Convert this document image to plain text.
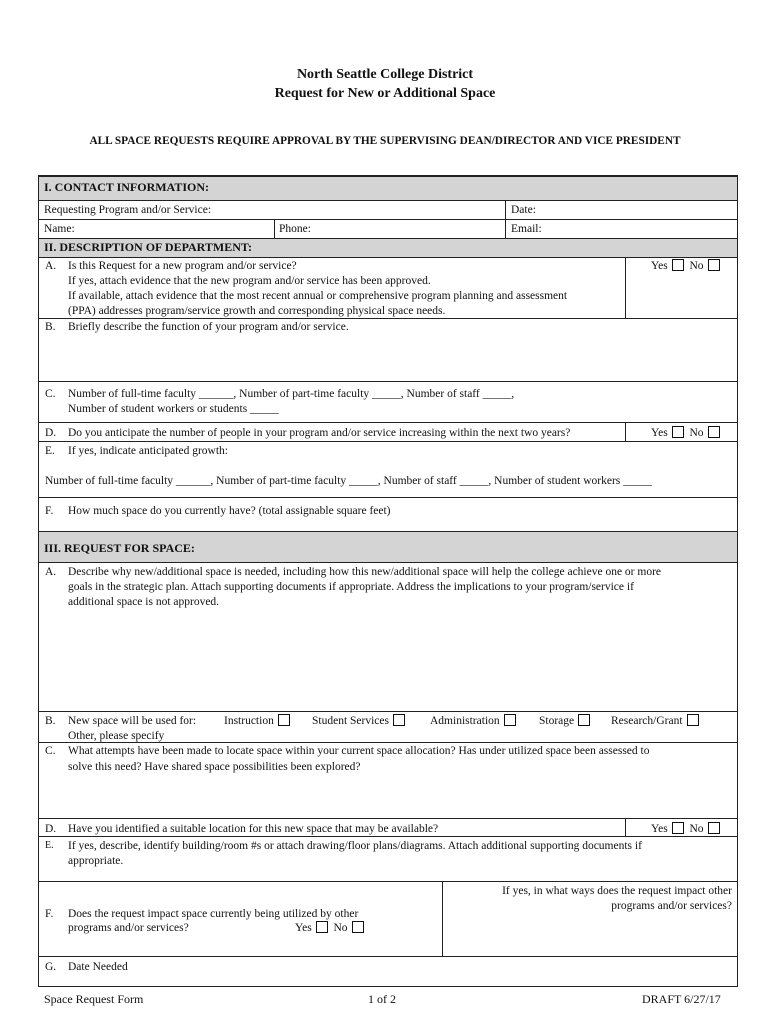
North Seattle College District
Request for New or Additional Space
ALL SPACE REQUESTS REQUIRE APPROVAL BY THE SUPERVISING DEAN/DIRECTOR AND VICE PRESIDENT
I. CONTACT INFORMATION:
Requesting Program and/or Service:	Date:
Name:	Phone:	Email:
II. DESCRIPTION OF DEPARTMENT:
A. Is this Request for a new program and/or service?
If yes, attach evidence that the new program and/or service has been approved.
If available, attach evidence that the most recent annual or comprehensive program planning and assessment
(PPA) addresses program/service growth and corresponding physical space needs.
Yes No
B. Briefly describe the function of your program and/or service.
C. Number of full-time faculty ______, Number of part-time faculty _____, Number of staff _____,
Number of student workers or students _____
D. Do you anticipate the number of people in your program and/or service increasing within the next two years?	Yes No
E. If yes, indicate anticipated growth:
Number of full-time faculty ______, Number of part-time faculty _____, Number of staff _____, Number of student workers _____
F. How much space do you currently have? (total assignable square feet)
III. REQUEST FOR SPACE:
A. Describe why new/additional space is needed, including how this new/additional space will help the college achieve one or more
goals in the strategic plan. Attach supporting documents if appropriate. Address the implications to your program/service if
additional space is not approved.
B. New space will be used for: Instruction	Student Services	Administration	Storage	Research/Grant
Other, please specify
C. What attempts have been made to locate space within your current space allocation? Has under utilized space been assessed to
solve this need? Have shared space possibilities been explored?
D. Have you identified a suitable location for this new space that may be available?	Yes No
E. If yes, describe, identify building/room #s or attach drawing/floor plans/diagrams. Attach additional supporting documents if
appropriate.
F. Does the request impact space currently being utilized by other
programs and/or services?	Yes No
If yes, in what ways does the request impact other
programs and/or services?
G. Date Needed
Space Request Form	1 of 2	DRAFT 6/27/17
